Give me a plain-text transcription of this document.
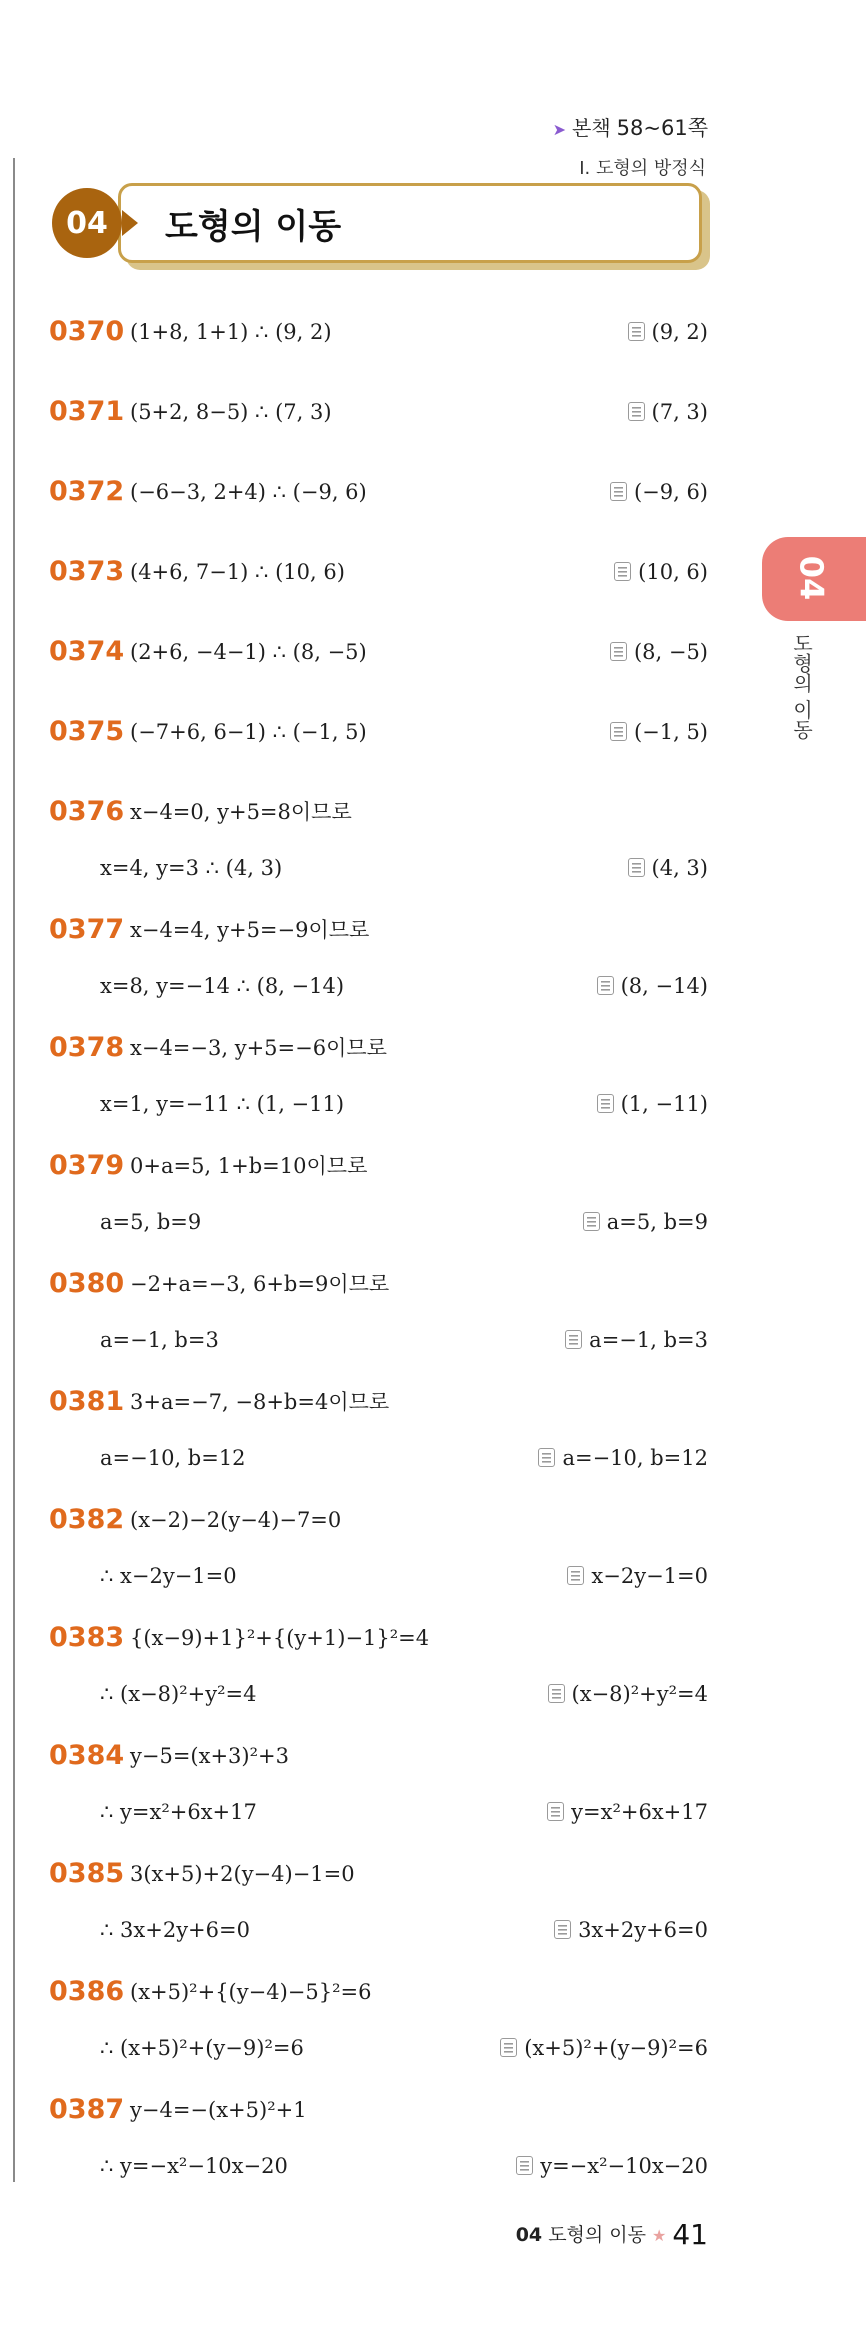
➤ 본책 58~61쪽
Ⅰ. 도형의 방정식
04	도형의 이동
04
도형의 이동
0370 (1+8, 1+1) ∴ (9, 2)	(9, 2)
0371 (5+2, 8−5) ∴ (7, 3)	(7, 3)
0372 (−6−3, 2+4) ∴ (−9, 6)	(−9, 6)
0373 (4+6, 7−1) ∴ (10, 6)	(10, 6)
0374 (2+6, −4−1) ∴ (8, −5)	(8, −5)
0375 (−7+6, 6−1) ∴ (−1, 5)	(−1, 5)
0376 x−4=0, y+5=8이므로
x=4, y=3 ∴ (4, 3)	(4, 3)
0377 x−4=4, y+5=−9이므로
x=8, y=−14 ∴ (8, −14)	(8, −14)
0378 x−4=−3, y+5=−6이므로
x=1, y=−11 ∴ (1, −11)	(1, −11)
0379 0+a=5, 1+b=10이므로
a=5, b=9	a=5, b=9
0380 −2+a=−3, 6+b=9이므로
a=−1, b=3	a=−1, b=3
0381 3+a=−7, −8+b=4이므로
a=−10, b=12	a=−10, b=12
0382 (x−2)−2(y−4)−7=0
∴ x−2y−1=0	x−2y−1=0
0383 {(x−9)+1}²+{(y+1)−1}²=4
∴ (x−8)²+y²=4	(x−8)²+y²=4
0384 y−5=(x+3)²+3
∴ y=x²+6x+17	y=x²+6x+17
0385 3(x+5)+2(y−4)−1=0
∴ 3x+2y+6=0	3x+2y+6=0
0386 (x+5)²+{(y−4)−5}²=6
∴ (x+5)²+(y−9)²=6	(x+5)²+(y−9)²=6
0387 y−4=−(x+5)²+1
∴ y=−x²−10x−20	y=−x²−10x−20
04 도형의 이동 ★ 41
